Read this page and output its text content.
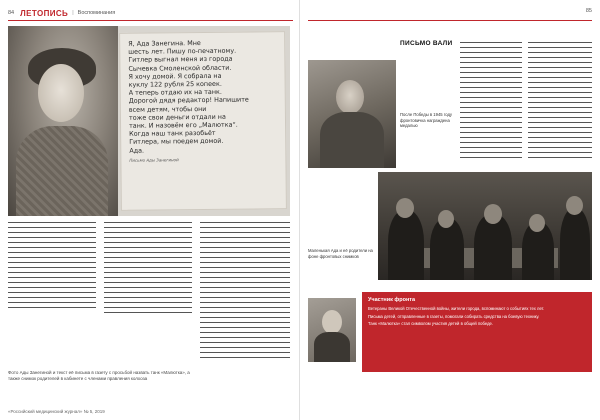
84 ЛЕТОПИСЬ | Воспоминания
Я, Ада Занегина. Мне
шесть лет. Пишу по-печатному.
Гитлер выгнал меня из города
Сычевка Смоленской области.
Я хочу домой. Я собрала на
куклу 122 рубля 25 копеек.
А теперь отдаю их на танк.
Дорогой дядя редактор! Напишите
всем детям, чтобы они
тоже свои деньги отдали на
танк. И назовём его „Малютка“.
Когда наш танк разобьёт
Гитлера, мы поедем домой.
Ада.
Письмо Ады Занегиной
Фото Ады Занегиной и текст её письма в газету с просьбой назвать танк «Малютка», а также снимок родителей в кабинете с членами правления колхоза
«Российский медицинский журнал» № 5, 2019
85
ПИСЬМО ВАЛИ
После Победы в 1945 году фронтовичка награждена медалью
Маленькая Ада и её родители на фоне фронтовых снимков
Участник фронта
Ветераны Великой Отечественной войны, жители города, вспоминают о событиях тех лет.
Письма детей, отправленные в газеты, помогали собирать средства на боевую технику.
Танк «Малютка» стал символом участия детей в общей победе.
